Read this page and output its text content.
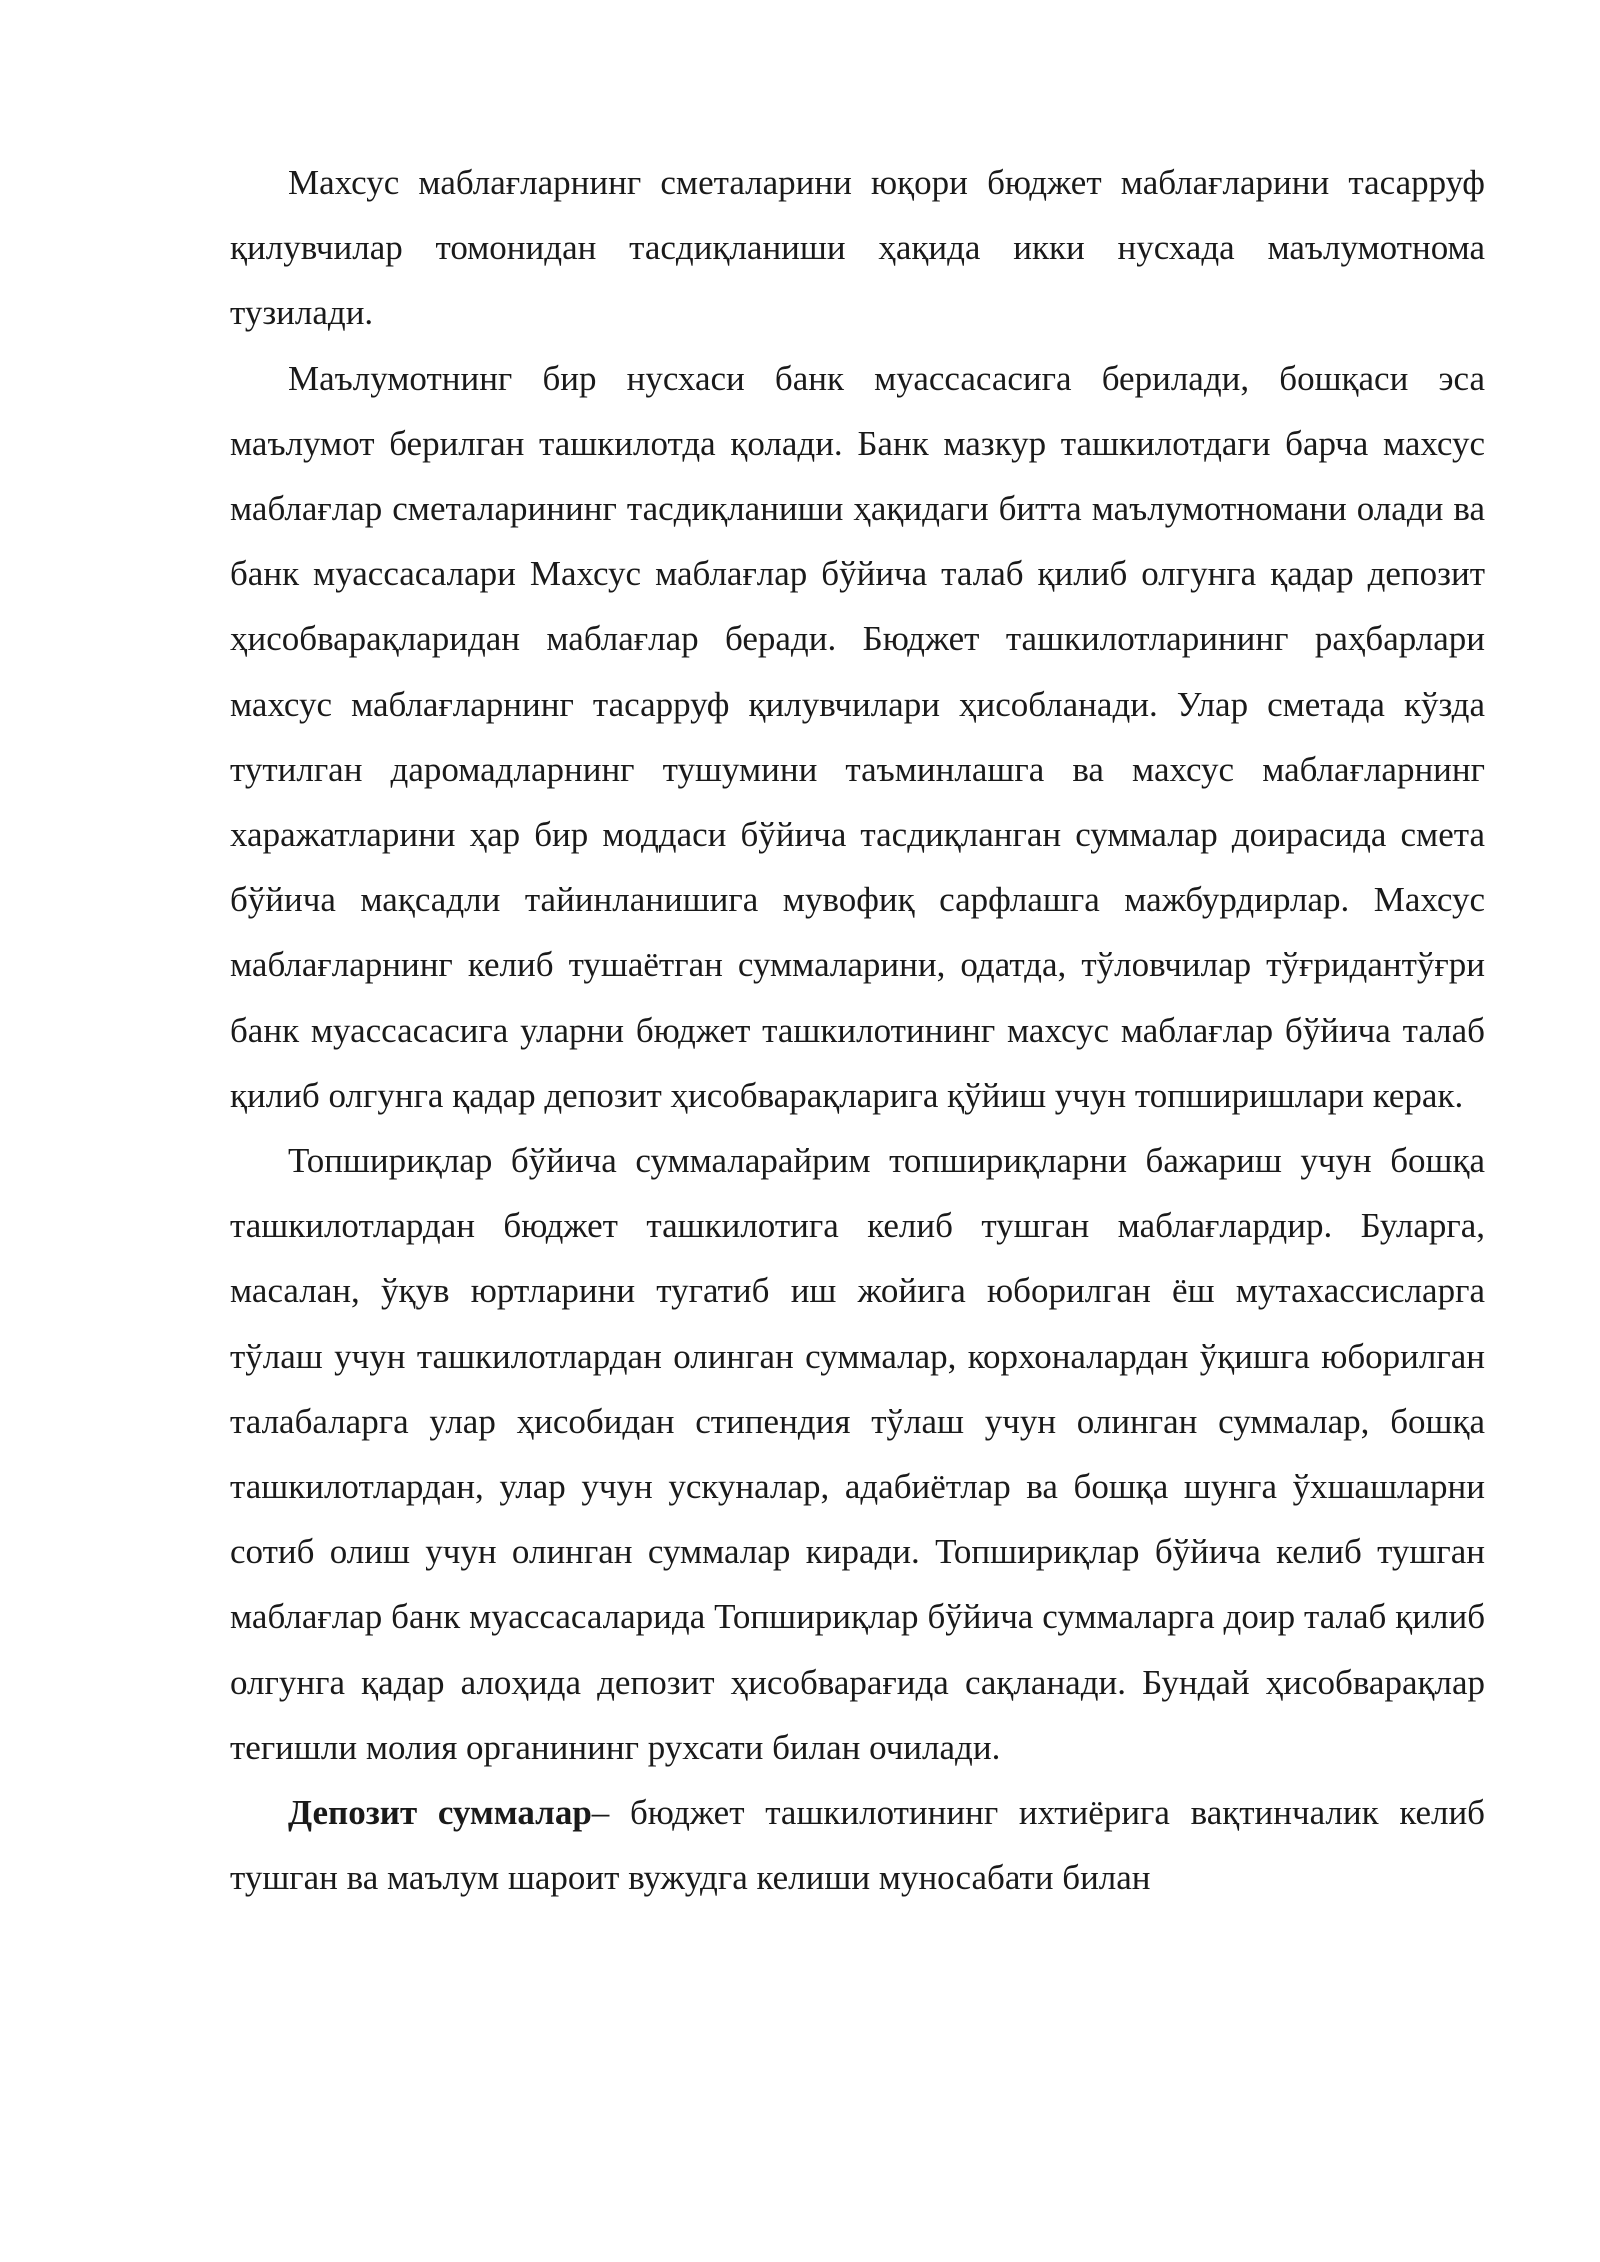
Махсус маблағларнинг сметаларини юқори бюджет маблағларини тасарруф қилувчилар томонидан тасдиқланиши ҳақида икки нусхада маълумотнома тузилади.

Маълумотнинг бир нусхаси банк муассасасига берилади, бошқаси эса маълумот берилган ташкилотда қолади. Банк мазкур ташкилотдаги барча махсус маблағлар сметаларининг тасдиқланиши ҳақидаги битта маълумотномани олади ва банк муассасалари Махсус маблағлар бўйича талаб қилиб олгунга қадар депозит ҳисобварақларидан маблағлар беради. Бюджет ташкилотларининг раҳбарлари махсус маблағларнинг тасарруф қилувчилари ҳисобланади. Улар сметада кўзда тутилган даромадларнинг тушумини таъминлашга ва махсус маблағларнинг харажатларини ҳар бир моддаси бўйича тасдиқланган суммалар доирасида смета бўйича мақсадли тайинланишига мувофиқ сарфлашга мажбурдирлар. Махсус маблағларнинг келиб тушаётган суммаларини, одатда, тўловчилар тўғридантўғри банк муассасасига уларни бюджет ташкилотининг махсус маблағлар бўйича талаб қилиб олгунга қадар депозит ҳисобварақларига қўйиш учун топширишлари керак.

Топшириқлар бўйича суммаларайрим топшириқларни бажариш учун бошқа ташкилотлардан бюджет ташкилотига келиб тушган маблағлардир. Буларга, масалан, ўқув юртларини тугатиб иш жойига юборилган ёш мутахассисларга тўлаш учун ташкилотлардан олинган суммалар, корхоналардан ўқишга юборилган талабаларга улар ҳисобидан стипендия тўлаш учун олинган суммалар, бошқа ташкилотлардан, улар учун ускуналар, адабиётлар ва бошқа шунга ўхшашларни сотиб олиш учун олинган суммалар киради. Топшириқлар бўйича келиб тушган маблағлар банк муассасаларида Топшириқлар бўйича суммаларга доир талаб қилиб олгунга қадар алоҳида депозит ҳисобварағида сақланади. Бундай ҳисобварақлар тегишли молия органининг рухсати билан очилади.

Депозит суммалар– бюджет ташкилотининг ихтиёрига вақтинчалик келиб тушган ва маълум шароит вужудга келиши муносабати билан
